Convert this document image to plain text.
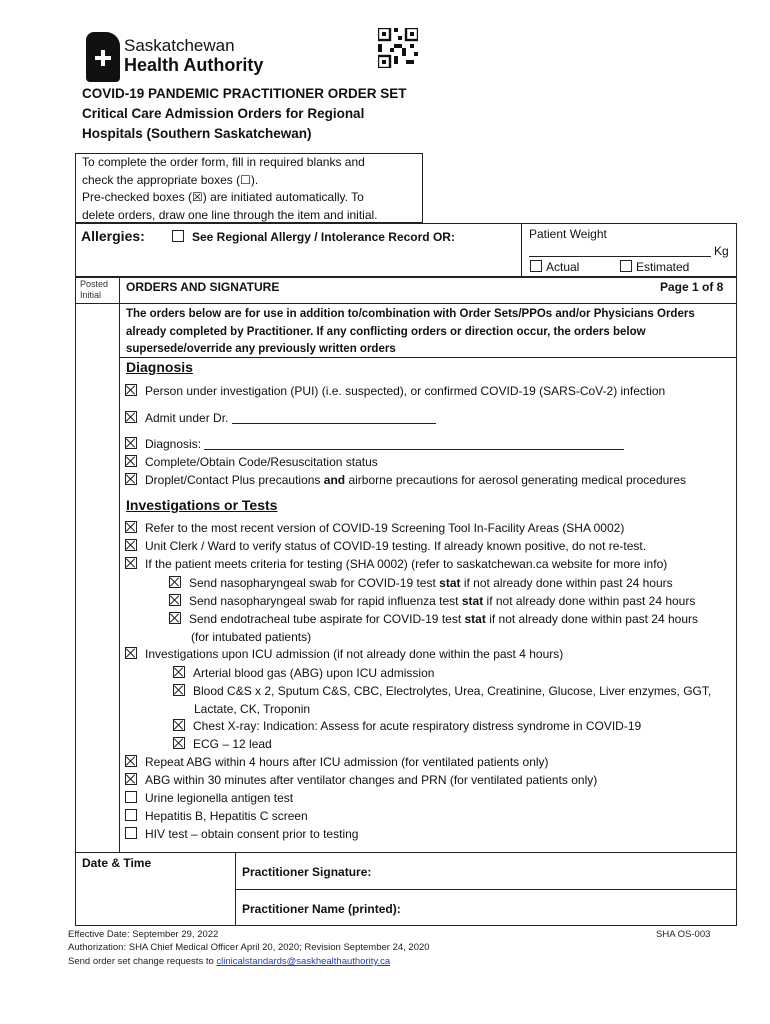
Saskatchewan
Health Authority
COVID-19 PANDEMIC PRACTITIONER ORDER SET
Critical Care Admission Orders for Regional
Hospitals (Southern Saskatchewan)
To complete the order form, fill in required blanks and
check the appropriate boxes (☐).
Pre-checked boxes (☒) are initiated automatically. To
delete orders, draw one line through the item and initial.
Allergies:	See Regional Allergy / Intolerance Record OR:	Patient Weight
Kg
Actual	Estimated
Posted
Initial
ORDERS AND SIGNATURE	Page 1 of 8
The orders below are for use in addition to/combination with Order Sets/PPOs and/or Physicians Orders
already completed by Practitioner. If any conflicting orders or direction occur, the orders below
supersede/override any previously written orders
Diagnosis
Person under investigation (PUI) (i.e. suspected), or confirmed COVID-19 (SARS-CoV-2) infection
Admit under Dr.
Diagnosis:
Complete/Obtain Code/Resuscitation status
Droplet/Contact Plus precautions and airborne precautions for aerosol generating medical procedures
Investigations or Tests
Refer to the most recent version of COVID-19 Screening Tool In-Facility Areas (SHA 0002)
Unit Clerk / Ward to verify status of COVID-19 testing. If already known positive, do not re-test.
If the patient meets criteria for testing (SHA 0002) (refer to saskatchewan.ca website for more info)
Send nasopharyngeal swab for COVID-19 test stat if not already done within past 24 hours
Send nasopharyngeal swab for rapid influenza test stat if not already done within past 24 hours
Send endotracheal tube aspirate for COVID-19 test stat if not already done within past 24 hours
(for intubated patients)
Investigations upon ICU admission (if not already done within the past 4 hours)
Arterial blood gas (ABG) upon ICU admission
Blood C&S x 2, Sputum C&S, CBC, Electrolytes, Urea, Creatinine, Glucose, Liver enzymes, GGT,
Lactate, CK, Troponin
Chest X-ray: Indication: Assess for acute respiratory distress syndrome in COVID-19
ECG – 12 lead
Repeat ABG within 4 hours after ICU admission (for ventilated patients only)
ABG within 30 minutes after ventilator changes and PRN (for ventilated patients only)
Urine legionella antigen test
Hepatitis B, Hepatitis C screen
HIV test – obtain consent prior to testing
Date & Time
Practitioner Signature:
Practitioner Name (printed):
Effective Date: September 29, 2022	SHA OS-003
Authorization: SHA Chief Medical Officer April 20, 2020; Revision September 24, 2020
Send order set change requests to clinicalstandards@saskhealthauthority.ca
